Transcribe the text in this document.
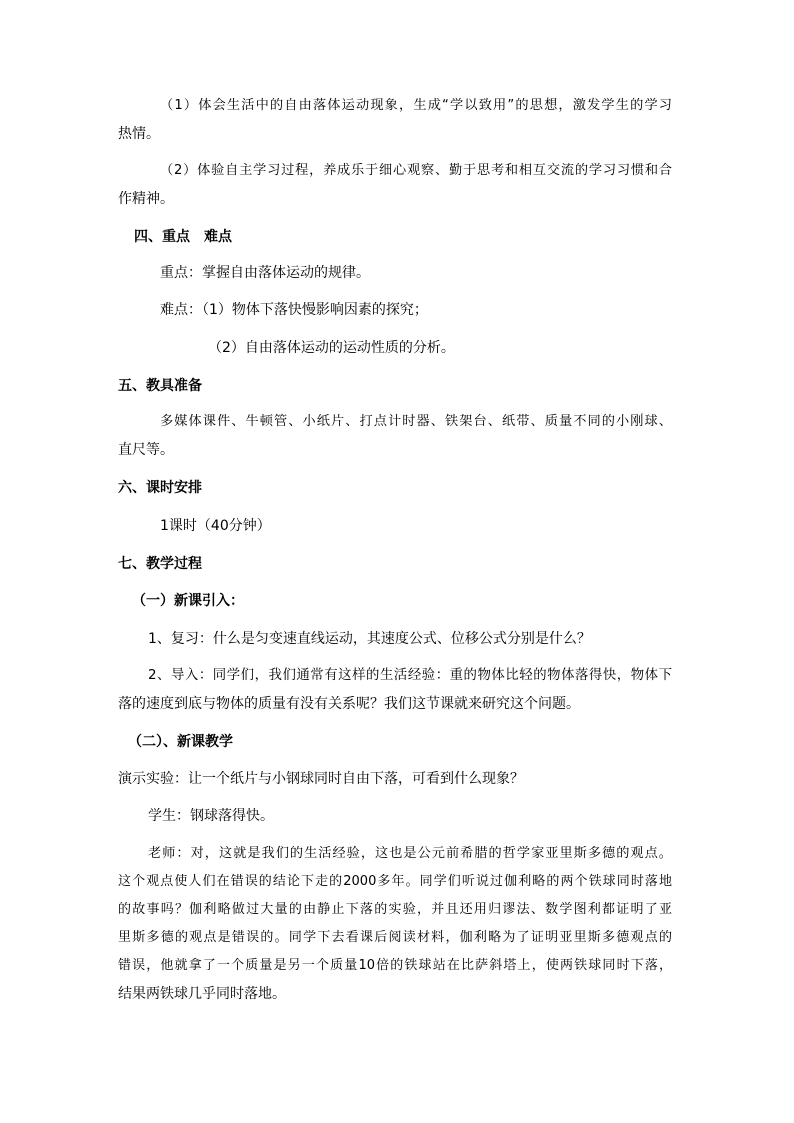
（1）体会生活中的自由落体运动现象，生成“学以致用”的思想，激发学生的学习
热情。
（2）体验自主学习过程，养成乐于细心观察、勤于思考和相互交流的学习习惯和合
作精神。
四、重点　难点
重点：掌握自由落体运动的规律。
难点：（1）物体下落快慢影响因素的探究；
（2）自由落体运动的运动性质的分析。
五、教具准备
多媒体课件、牛顿管、小纸片、打点计时器、铁架台、纸带、质量不同的小刚球、
直尺等。
六、课时安排
1课时（40分钟）
七、教学过程
（一）新课引入：
1、复习：什么是匀变速直线运动，其速度公式、位移公式分别是什么？
2、导入：同学们，我们通常有这样的生活经验：重的物体比轻的物体落得快，物体下
落的速度到底与物体的质量有没有关系呢？我们这节课就来研究这个问题。
（二）、新课教学
演示实验：让一个纸片与小钢球同时自由下落，可看到什么现象？
学生：钢球落得快。
老师：对，这就是我们的生活经验，这也是公元前希腊的哲学家亚里斯多德的观点。
这个观点使人们在错误的结论下走的2000多年。同学们听说过伽利略的两个铁球同时落地
的故事吗？伽利略做过大量的由静止下落的实验，并且还用归谬法、数学图利都证明了亚
里斯多德的观点是错误的。同学下去看课后阅读材料，伽利略为了证明亚里斯多德观点的
错误，他就拿了一个质量是另一个质量10倍的铁球站在比萨斜塔上，使两铁球同时下落，
结果两铁球几乎同时落地。
